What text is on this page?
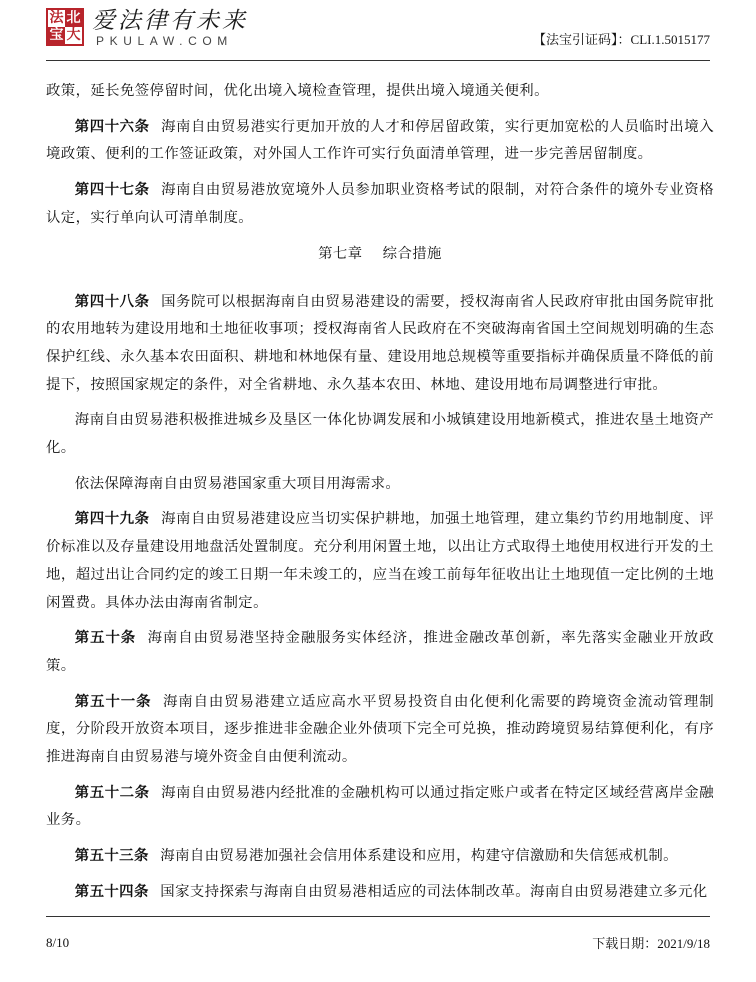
法 北
宝 大
爱法律有未来
PKULAW.COM	【法宝引证码】：CLI.1.5015177

政策，延长免签停留时间，优化出境入境检查管理，提供出境入境通关便利。

第四十六条 海南自由贸易港实行更加开放的人才和停居留政策，实行更加宽松的人员临时出境入境政策、便利的工作签证政策，对外国人工作许可实行负面清单管理，进一步完善居留制度。

第四十七条 海南自由贸易港放宽境外人员参加职业资格考试的限制，对符合条件的境外专业资格认定，实行单向认可清单制度。

第七章 综合措施

第四十八条 国务院可以根据海南自由贸易港建设的需要，授权海南省人民政府审批由国务院审批的农用地转为建设用地和土地征收事项；授权海南省人民政府在不突破海南省国土空间规划明确的生态保护红线、永久基本农田面积、耕地和林地保有量、建设用地总规模等重要指标并确保质量不降低的前提下，按照国家规定的条件，对全省耕地、永久基本农田、林地、建设用地布局调整进行审批。

海南自由贸易港积极推进城乡及垦区一体化协调发展和小城镇建设用地新模式，推进农垦土地资产化。

依法保障海南自由贸易港国家重大项目用海需求。

第四十九条 海南自由贸易港建设应当切实保护耕地，加强土地管理，建立集约节约用地制度、评价标准以及存量建设用地盘活处置制度。充分利用闲置土地，以出让方式取得土地使用权进行开发的土地，超过出让合同约定的竣工日期一年未竣工的，应当在竣工前每年征收出让土地现值一定比例的土地闲置费。具体办法由海南省制定。

第五十条 海南自由贸易港坚持金融服务实体经济，推进金融改革创新，率先落实金融业开放政策。

第五十一条 海南自由贸易港建立适应高水平贸易投资自由化便利化需要的跨境资金流动管理制度，分阶段开放资本项目，逐步推进非金融企业外债项下完全可兑换，推动跨境贸易结算便利化，有序推进海南自由贸易港与境外资金自由便利流动。

第五十二条 海南自由贸易港内经批准的金融机构可以通过指定账户或者在特定区域经营离岸金融业务。

第五十三条 海南自由贸易港加强社会信用体系建设和应用，构建守信激励和失信惩戒机制。

第五十四条 国家支持探索与海南自由贸易港相适应的司法体制改革。海南自由贸易港建立多元化

8/10	下载日期：2021/9/18
